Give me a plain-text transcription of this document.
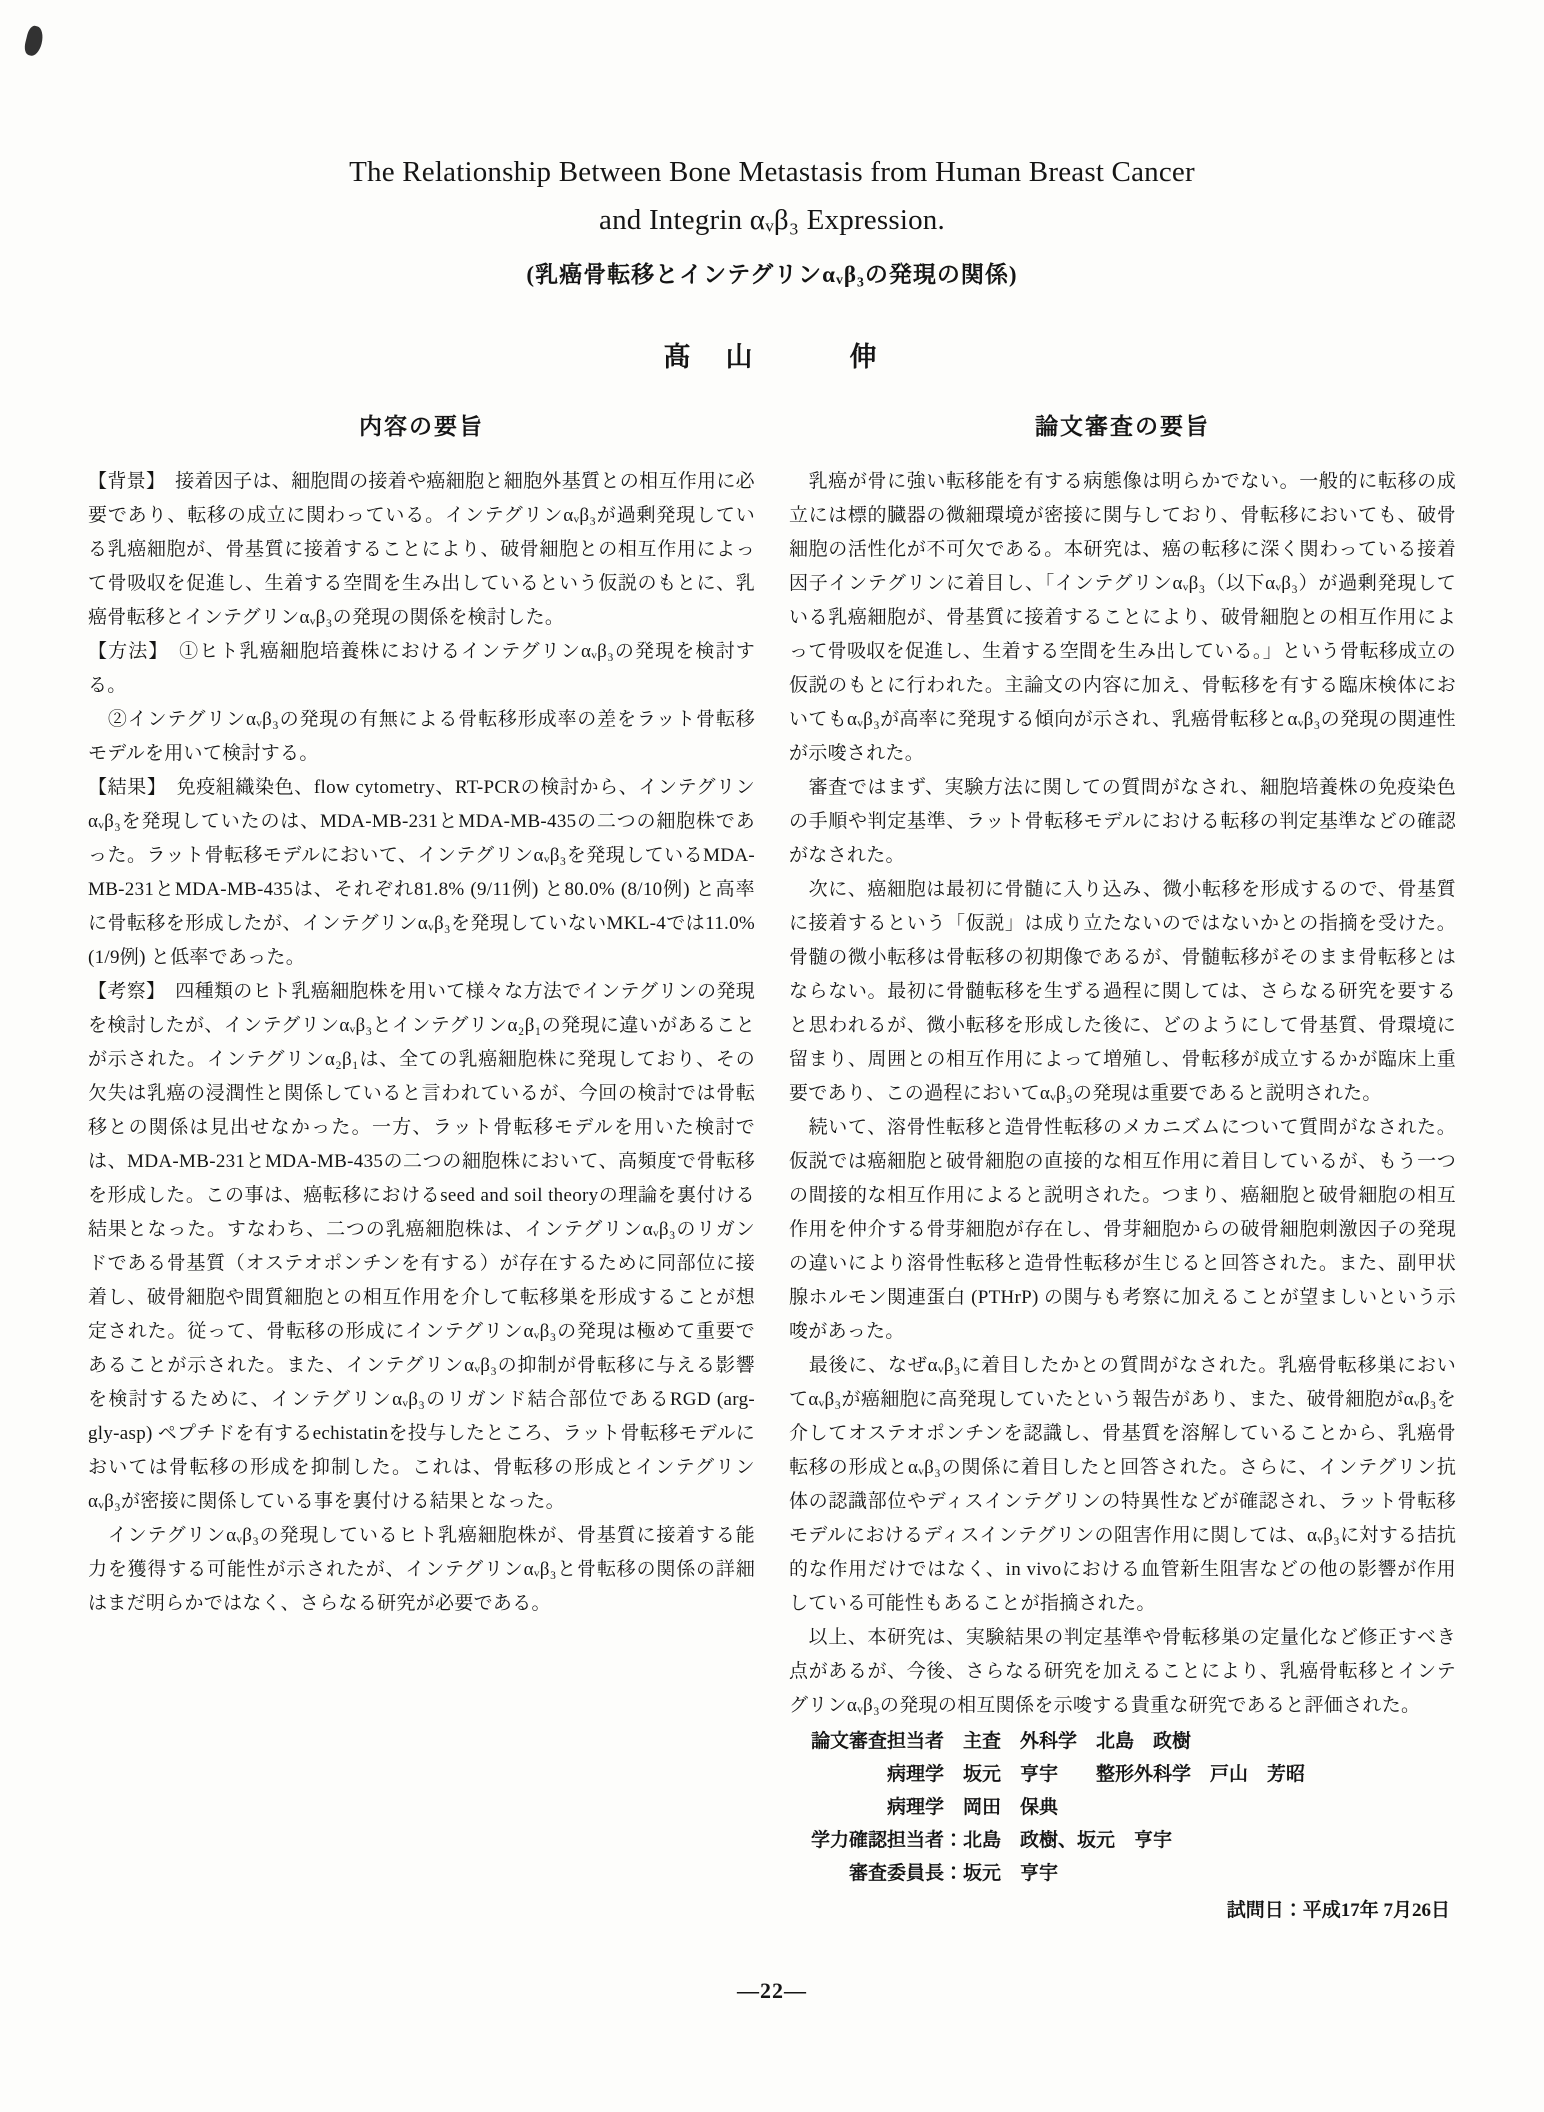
The Relationship Between Bone Metastasis from Human Breast Cancer
and Integrin αᵥβ₃ Expression.
(乳癌骨転移とインテグリンαᵥβ₃の発現の関係)
髙　山　　　伸
内容の要旨

【背景】　接着因子は、細胞間の接着や癌細胞と細胞外基質との相互作用に必要であり、転移の成立に関わっている。インテグリンαᵥβ₃が過剰発現している乳癌細胞が、骨基質に接着することにより、破骨細胞との相互作用によって骨吸収を促進し、生着する空間を生み出しているという仮説のもとに、乳癌骨転移とインテグリンαᵥβ₃の発現の関係を検討した。

【方法】　①ヒト乳癌細胞培養株におけるインテグリンαᵥβ₃の発現を検討する。

　②インテグリンαᵥβ₃の発現の有無による骨転移形成率の差をラット骨転移モデルを用いて検討する。

【結果】　免疫組織染色、flow cytometry、RT-PCRの検討から、インテグリンαᵥβ₃を発現していたのは、MDA-MB-231とMDA-MB-435の二つの細胞株であった。ラット骨転移モデルにおいて、インテグリンαᵥβ₃を発現しているMDA-MB-231とMDA-MB-435は、それぞれ81.8% (9/11例) と80.0% (8/10例) と高率に骨転移を形成したが、インテグリンαᵥβ₃を発現していないMKL-4では11.0% (1/9例) と低率であった。

【考察】　四種類のヒト乳癌細胞株を用いて様々な方法でインテグリンの発現を検討したが、インテグリンαᵥβ₃とインテグリンα₂β₁の発現に違いがあることが示された。インテグリンα₂β₁は、全ての乳癌細胞株に発現しており、その欠失は乳癌の浸潤性と関係していると言われているが、今回の検討では骨転移との関係は見出せなかった。一方、ラット骨転移モデルを用いた検討では、MDA-MB-231とMDA-MB-435の二つの細胞株において、高頻度で骨転移を形成した。この事は、癌転移におけるseed and soil theoryの理論を裏付ける結果となった。すなわち、二つの乳癌細胞株は、インテグリンαᵥβ₃のリガンドである骨基質（オステオポンチンを有する）が存在するために同部位に接着し、破骨細胞や間質細胞との相互作用を介して転移巣を形成することが想定された。従って、骨転移の形成にインテグリンαᵥβ₃の発現は極めて重要であることが示された。また、インテグリンαᵥβ₃の抑制が骨転移に与える影響を検討するために、インテグリンαᵥβ₃のリガンド結合部位であるRGD (arg-gly-asp) ペプチドを有するechistatinを投与したところ、ラット骨転移モデルにおいては骨転移の形成を抑制した。これは、骨転移の形成とインテグリンαᵥβ₃が密接に関係している事を裏付ける結果となった。

　インテグリンαᵥβ₃の発現しているヒト乳癌細胞株が、骨基質に接着する能力を獲得する可能性が示されたが、インテグリンαᵥβ₃と骨転移の関係の詳細はまだ明らかではなく、さらなる研究が必要である。

論文審査の要旨

　乳癌が骨に強い転移能を有する病態像は明らかでない。一般的に転移の成立には標的臓器の微細環境が密接に関与しており、骨転移においても、破骨細胞の活性化が不可欠である。本研究は、癌の転移に深く関わっている接着因子インテグリンに着目し、「インテグリンαᵥβ₃（以下αᵥβ₃）が過剰発現している乳癌細胞が、骨基質に接着することにより、破骨細胞との相互作用によって骨吸収を促進し、生着する空間を生み出している。」という骨転移成立の仮説のもとに行われた。主論文の内容に加え、骨転移を有する臨床検体においてもαᵥβ₃が高率に発現する傾向が示され、乳癌骨転移とαᵥβ₃の発現の関連性が示唆された。

　審査ではまず、実験方法に関しての質問がなされ、細胞培養株の免疫染色の手順や判定基準、ラット骨転移モデルにおける転移の判定基準などの確認がなされた。

　次に、癌細胞は最初に骨髄に入り込み、微小転移を形成するので、骨基質に接着するという「仮説」は成り立たないのではないかとの指摘を受けた。骨髄の微小転移は骨転移の初期像であるが、骨髄転移がそのまま骨転移とはならない。最初に骨髄転移を生ずる過程に関しては、さらなる研究を要すると思われるが、微小転移を形成した後に、どのようにして骨基質、骨環境に留まり、周囲との相互作用によって増殖し、骨転移が成立するかが臨床上重要であり、この過程においてαᵥβ₃の発現は重要であると説明された。

　続いて、溶骨性転移と造骨性転移のメカニズムについて質問がなされた。仮説では癌細胞と破骨細胞の直接的な相互作用に着目しているが、もう一つの間接的な相互作用によると説明された。つまり、癌細胞と破骨細胞の相互作用を仲介する骨芽細胞が存在し、骨芽細胞からの破骨細胞刺激因子の発現の違いにより溶骨性転移と造骨性転移が生じると回答された。また、副甲状腺ホルモン関連蛋白 (PTHrP) の関与も考察に加えることが望ましいという示唆があった。

　最後に、なぜαᵥβ₃に着目したかとの質問がなされた。乳癌骨転移巣においてαᵥβ₃が癌細胞に高発現していたという報告があり、また、破骨細胞がαᵥβ₃を介してオステオポンチンを認識し、骨基質を溶解していることから、乳癌骨転移の形成とαᵥβ₃の関係に着目したと回答された。さらに、インテグリン抗体の認識部位やディスインテグリンの特異性などが確認され、ラット骨転移モデルにおけるディスインテグリンの阻害作用に関しては、αᵥβ₃に対する拮抗的な作用だけではなく、in vivoにおける血管新生阻害などの他の影響が作用している可能性もあることが指摘された。

　以上、本研究は、実験結果の判定基準や骨転移巣の定量化など修正すべき点があるが、今後、さらなる研究を加えることにより、乳癌骨転移とインテグリンαᵥβ₃の発現の相互関係を示唆する貴重な研究であると評価された。

論文審査担当者　主査　外科学　北島　政樹

　　　　病理学　坂元　亨宇　　整形外科学　戸山　芳昭

　　　　病理学　岡田　保典

学力確認担当者：北島　政樹、坂元　亨宇

　　審査委員長：坂元　亨宇

試問日：平成17年 7月26日
—22—
